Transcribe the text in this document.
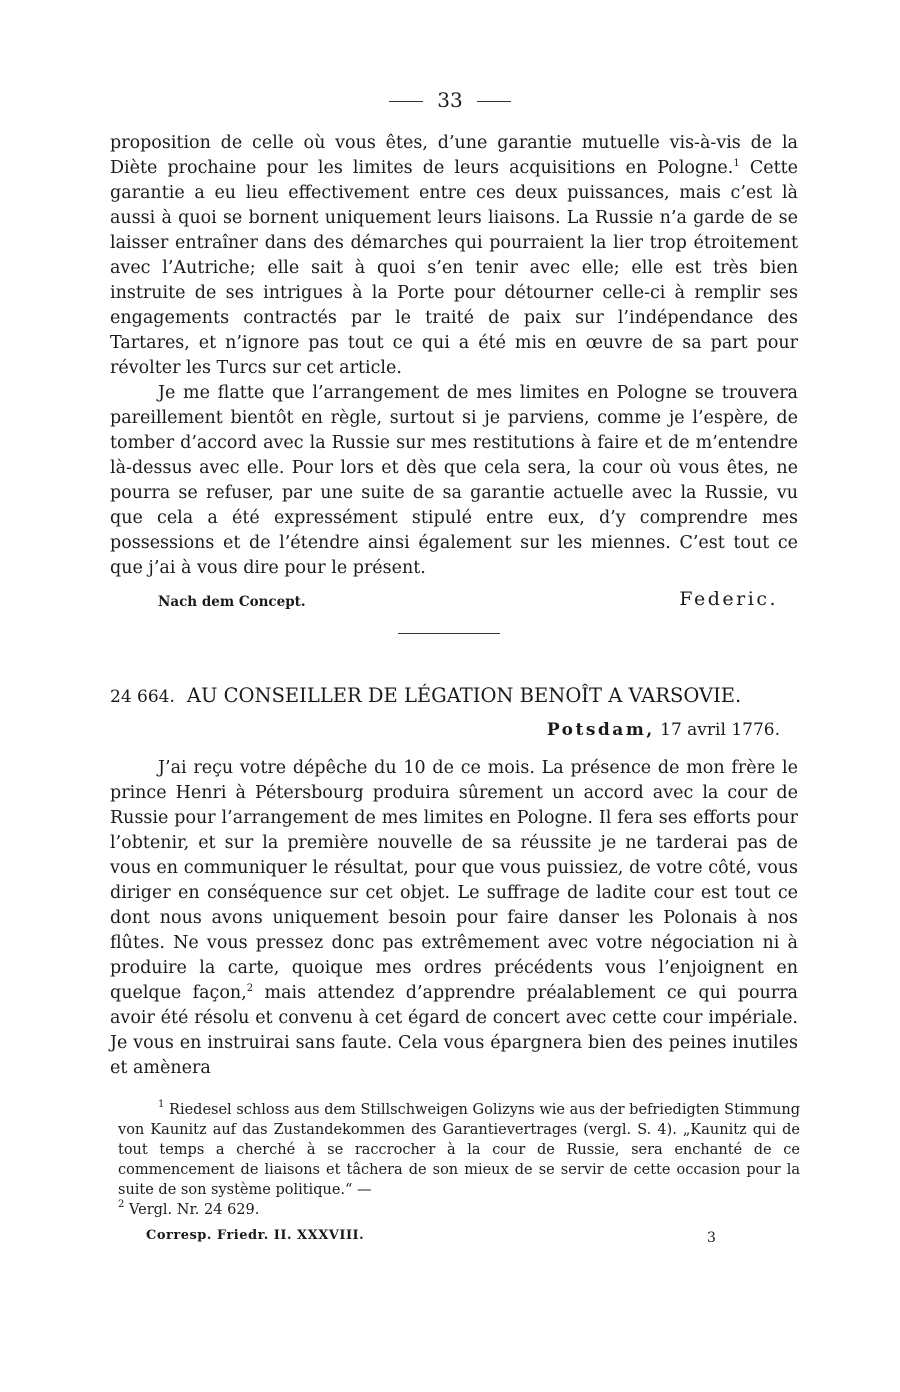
33

proposition de celle où vous êtes, d’une garantie mutuelle vis-à-vis de la Diète prochaine pour les limites de leurs acquisitions en Pologne.$^1$ Cette garantie a eu lieu effectivement entre ces deux puissances, mais c’est là aussi à quoi se bornent uniquement leurs liaisons. La Russie n’a garde de se laisser entraîner dans des démarches qui pourraient la lier trop étroitement avec l’Autriche; elle sait à quoi s’en tenir avec elle; elle est très bien instruite de ses intrigues à la Porte pour détourner celle-ci à remplir ses engagements contractés par le traité de paix sur l’indépendance des Tartares, et n’ignore pas tout ce qui a été mis en œuvre de sa part pour révolter les Turcs sur cet article.

Je me flatte que l’arrangement de mes limites en Pologne se trouvera pareillement bientôt en règle, surtout si je parviens, comme je l’espère, de tomber d’accord avec la Russie sur mes restitutions à faire et de m’entendre là-dessus avec elle. Pour lors et dès que cela sera, la cour où vous êtes, ne pourra se refuser, par une suite de sa garantie actuelle avec la Russie, vu que cela a été expressément stipulé entre eux, d’y comprendre mes possessions et de l’étendre ainsi également sur les miennes. C’est tout ce que j’ai à vous dire pour le présent.

Nach dem Concept.	Federic.
24 664. AU CONSEILLER DE LÉGATION BENOÎT A VARSOVIE.
Potsdam, 17 avril 1776.

J’ai reçu votre dépêche du 10 de ce mois. La présence de mon frère le prince Henri à Pétersbourg produira sûrement un accord avec la cour de Russie pour l’arrangement de mes limites en Pologne. Il fera ses efforts pour l’obtenir, et sur la première nouvelle de sa réussite je ne tarderai pas de vous en communiquer le résultat, pour que vous puissiez, de votre côté, vous diriger en conséquence sur cet objet. Le suffrage de ladite cour est tout ce dont nous avons uniquement besoin pour faire danser les Polonais à nos flûtes. Ne vous pressez donc pas extrêmement avec votre négociation ni à produire la carte, quoique mes ordres précédents vous l’enjoignent en quelque façon,$^2$ mais attendez d’apprendre préalablement ce qui pourra avoir été résolu et convenu à cet égard de concert avec cette cour impériale. Je vous en instruirai sans faute. Cela vous épargnera bien des peines inutiles et amènera

$^1$ Riedesel schloss aus dem Stillschweigen Golizyns wie aus der befriedigten Stimmung von Kaunitz auf das Zustandekommen des Garantievertrages (vergl. S. 4). „Kaunitz qui de tout temps a cherché à se raccrocher à la cour de Russie, sera enchanté de ce commencement de liaisons et tâchera de son mieux de se servir de cette occasion pour la suite de son système politique.“ —

$^2$ Vergl. Nr. 24 629.

Corresp. Friedr. II. XXXVIII.	3
